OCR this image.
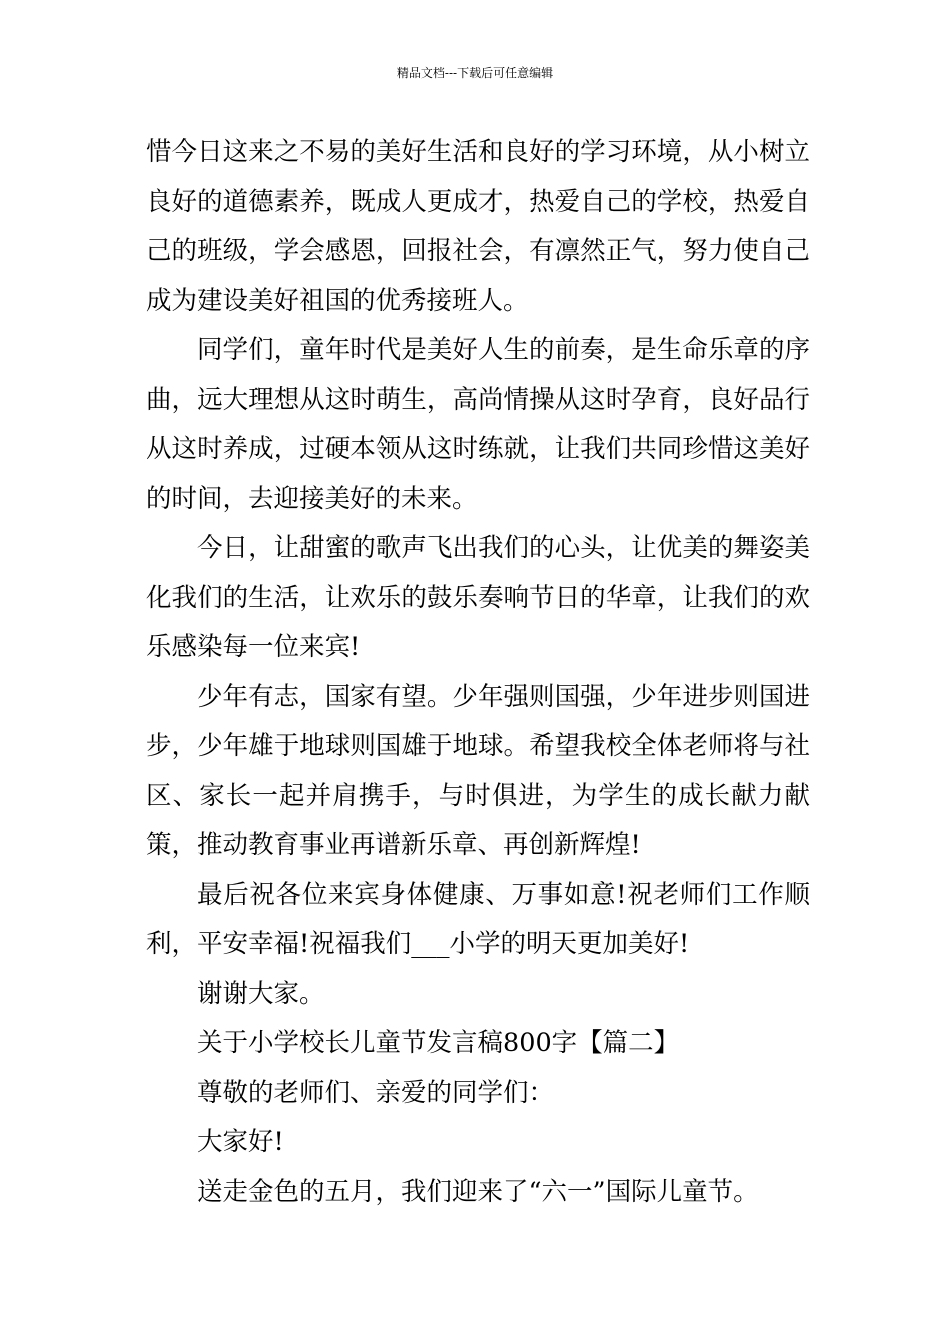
精品文档---下载后可任意编辑

惜今日这来之不易的美好生活和良好的学习环境，从小树立良好的道德素养，既成人更成才，热爱自己的学校，热爱自己的班级，学会感恩，回报社会，有凛然正气，努力使自己成为建设美好祖国的优秀接班人。

同学们，童年时代是美好人生的前奏，是生命乐章的序曲，远大理想从这时萌生，高尚情操从这时孕育，良好品行从这时养成，过硬本领从这时练就，让我们共同珍惜这美好的时间，去迎接美好的未来。

今日，让甜蜜的歌声飞出我们的心头，让优美的舞姿美化我们的生活，让欢乐的鼓乐奏响节日的华章，让我们的欢乐感染每一位来宾!

少年有志，国家有望。少年强则国强，少年进步则国进步，少年雄于地球则国雄于地球。希望我校全体老师将与社区、家长一起并肩携手，与时俱进，为学生的成长献力献策，推动教育事业再谱新乐章、再创新辉煌!

最后祝各位来宾身体健康、万事如意!祝老师们工作顺利，平安幸福!祝福我们___小学的明天更加美好!

谢谢大家。

关于小学校长儿童节发言稿800字【篇二】

尊敬的老师们、亲爱的同学们：

大家好!

送走金色的五月，我们迎来了“六一”国际儿童节。
